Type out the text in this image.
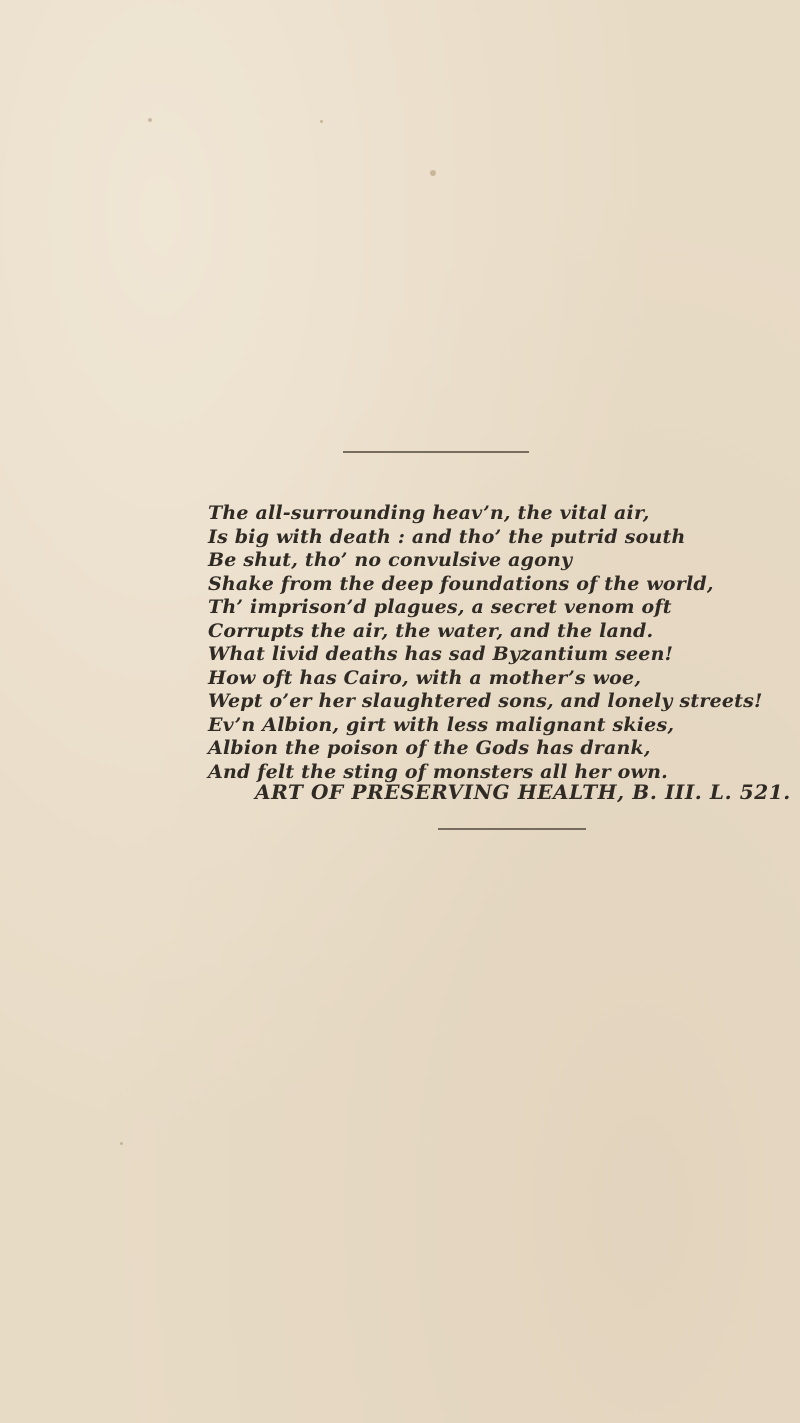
The all-surrounding heav’n, the vital air,
Is big with death : and tho’ the putrid south
Be shut, tho’ no convulsive agony
Shake from the deep foundations of the world,
Th’ imprison’d plagues, a secret venom oft
Corrupts the air, the water, and the land.
What livid deaths has sad Byzantium seen!
How oft has Cairo, with a mother’s woe,
Wept o’er her slaughtered sons, and lonely streets!
Ev’n Albion, girt with less malignant skies,
Albion the poison of the Gods has drank,
And felt the sting of monsters all her own.
ART OF PRESERVING HEALTH, B. III. L. 521.
